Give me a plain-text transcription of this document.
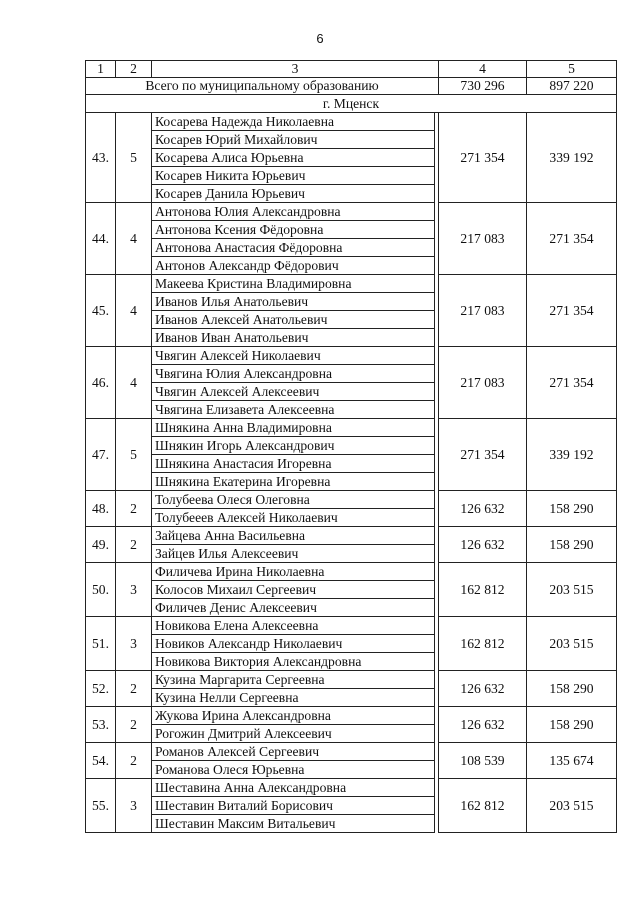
6
1	2	3		4	5
Всего по муниципальному образованию				730 296	897 220
г. Мценск					
43.	5	Косарева Надежда Николаевна		271 354	339 192
		Косарев Юрий Михайлович			
		Косарева Алиса Юрьевна			
		Косарев Никита Юрьевич			
		Косарев Данила Юрьевич			
44.	4	Антонова Юлия Александровна		217 083	271 354
		Антонова Ксения Фёдоровна			
		Антонова Анастасия Фёдоровна			
		Антонов Александр Фёдорович			
45.	4	Макеева Кристина Владимировна		217 083	271 354
		Иванов Илья Анатольевич			
		Иванов Алексей Анатольевич			
		Иванов Иван Анатольевич			
46.	4	Чвягин Алексей Николаевич		217 083	271 354
		Чвягина Юлия Александровна			
		Чвягин Алексей Алексеевич			
		Чвягина Елизавета Алексеевна			
47.	5	Шнякина Анна Владимировна		271 354	339 192
		Шнякин Игорь Александрович			
		Шнякина Анастасия Игоревна			
		Шнякина Екатерина Игоревна			
48.	2	Толубеева Олеся Олеговна		126 632	158 290
		Толубееев Алексей Николаевич			
49.	2	Зайцева Анна Васильевна		126 632	158 290
		Зайцев Илья Алексеевич			
50.	3	Филичева Ирина Николаевна		162 812	203 515
		Колосов Михаил Сергеевич			
		Филичев Денис Алексеевич			
51.	3	Новикова Елена Алексеевна		162 812	203 515
		Новиков Александр Николаевич			
		Новикова Виктория Александровна			
52.	2	Кузина Маргарита Сергеевна		126 632	158 290
		Кузина Нелли Сергеевна			
53.	2	Жукова Ирина Александровна		126 632	158 290
		Рогожин Дмитрий Алексеевич			
54.	2	Романов Алексей Сергеевич		108 539	135 674
		Романова Олеся Юрьевна			
55.	3	Шеставина Анна Александровна		162 812	203 515
		Шеставин Виталий Борисович			
		Шеставин Максим Витальевич			
